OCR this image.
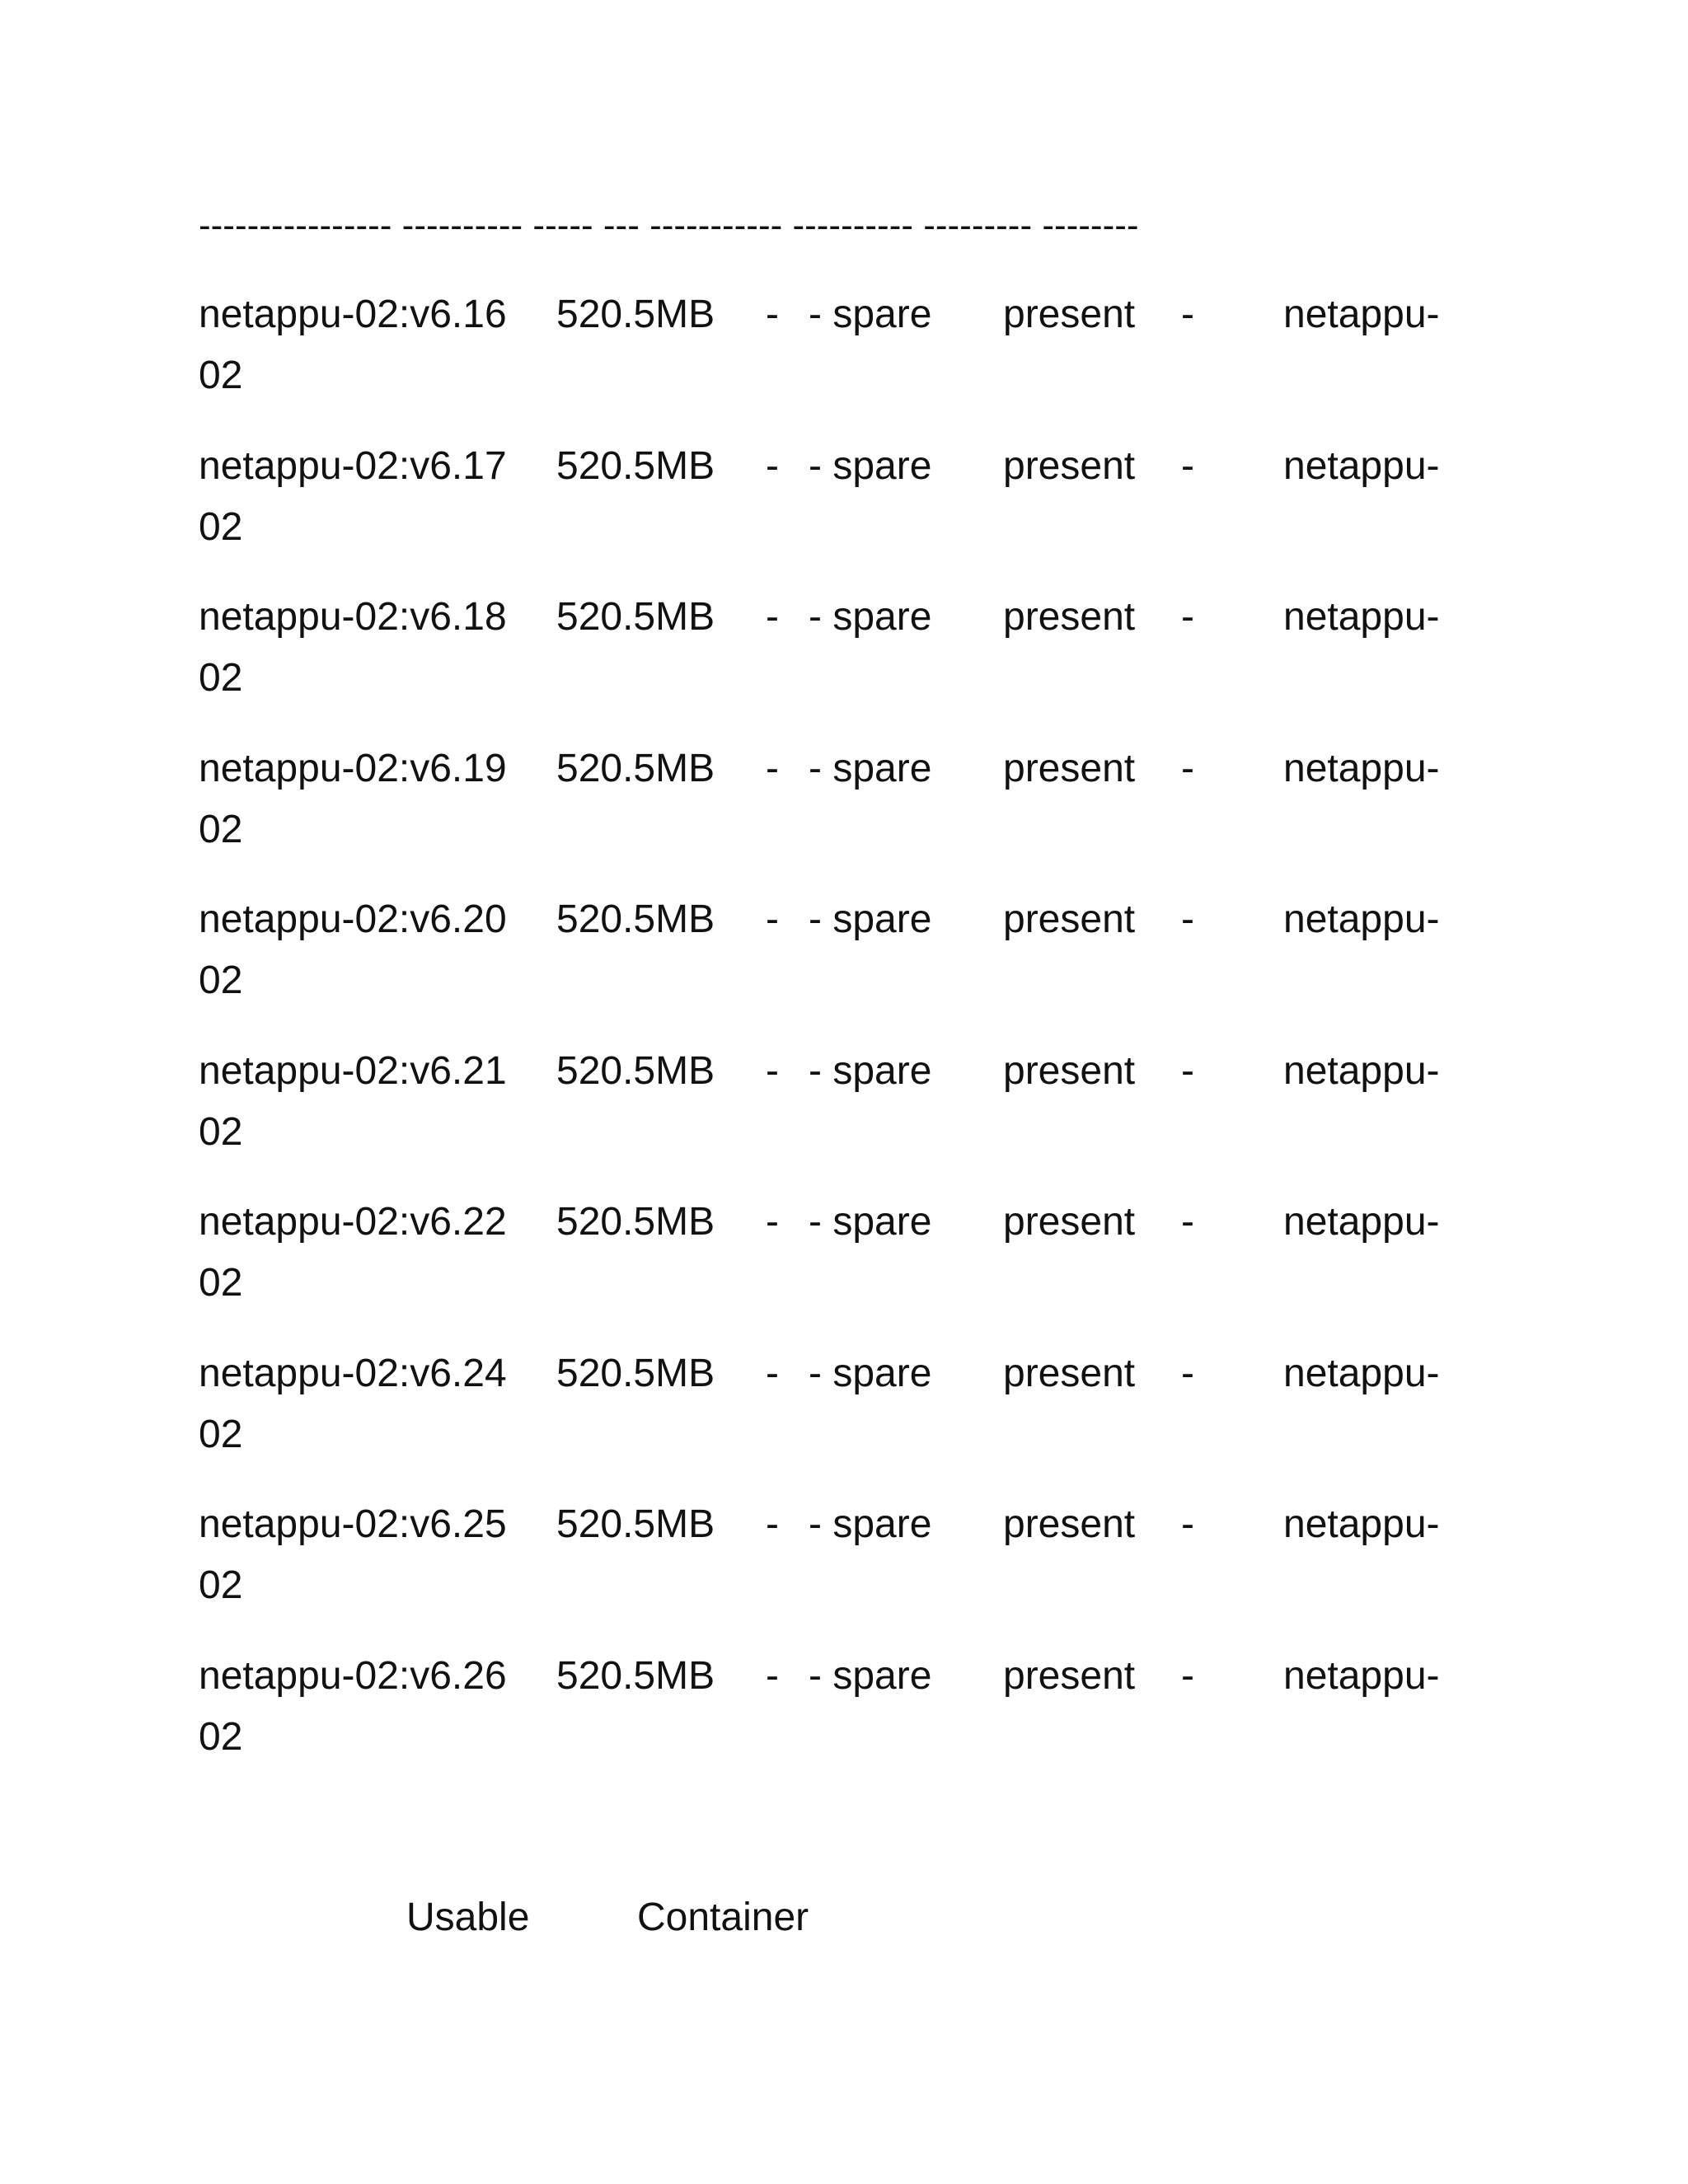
---------------- ---------- ----- --- ----------- ---------- --------- --------
netappu-02:v6.16 520.5MB - - spare present - netappu-
02
netappu-02:v6.17 520.5MB - - spare present - netappu-
02
netappu-02:v6.18 520.5MB - - spare present - netappu-
02
netappu-02:v6.19 520.5MB - - spare present - netappu-
02
netappu-02:v6.20 520.5MB - - spare present - netappu-
02
netappu-02:v6.21 520.5MB - - spare present - netappu-
02
netappu-02:v6.22 520.5MB - - spare present - netappu-
02
netappu-02:v6.24 520.5MB - - spare present - netappu-
02
netappu-02:v6.25 520.5MB - - spare present - netappu-
02
netappu-02:v6.26 520.5MB - - spare present - netappu-
02
Usable	Container
